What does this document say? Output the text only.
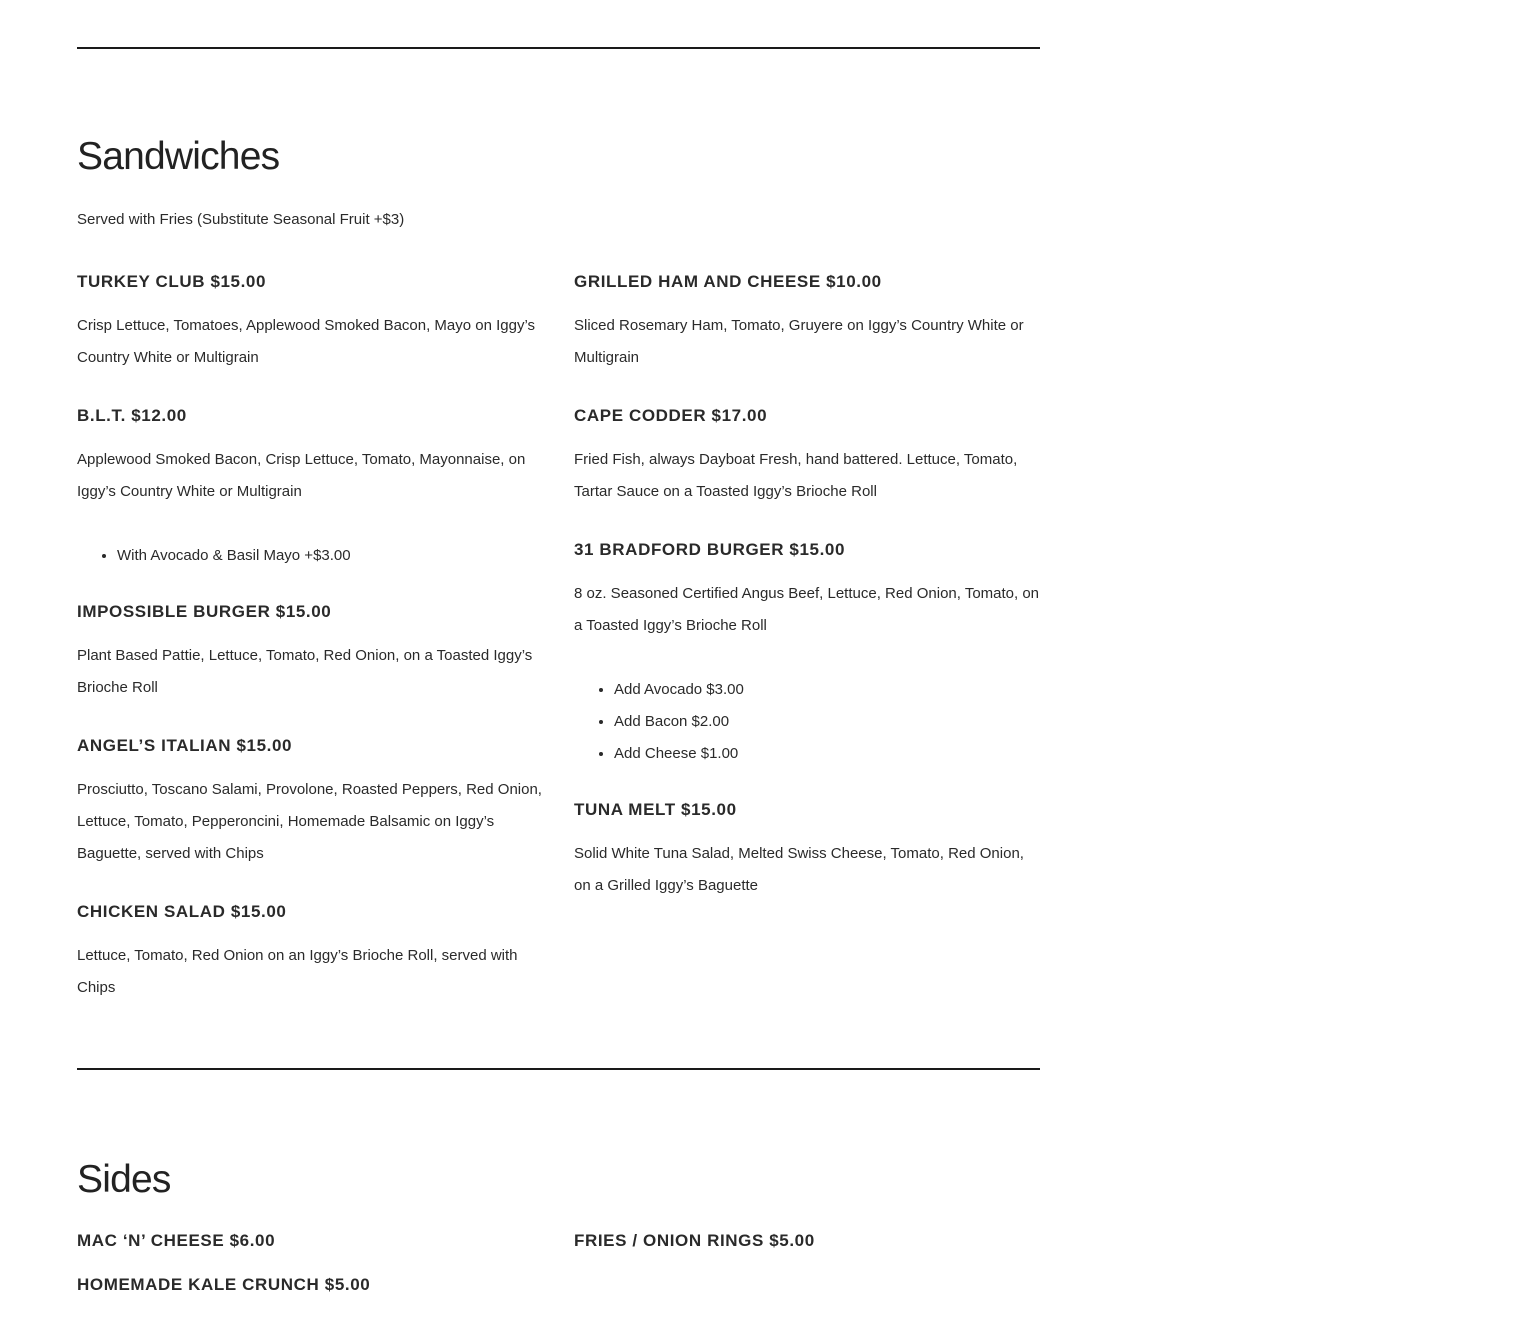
Sandwiches

Served with Fries (Substitute Seasonal Fruit +$3)

TURKEY CLUB $15.00

Crisp Lettuce, Tomatoes, Applewood Smoked Bacon, Mayo on Iggy’s Country White or Multigrain

B.L.T. $12.00

Applewood Smoked Bacon, Crisp Lettuce, Tomato, Mayonnaise, on Iggy’s Country White or Multigrain

• With Avocado & Basil Mayo +$3.00
IMPOSSIBLE BURGER $15.00

Plant Based Pattie, Lettuce, Tomato, Red Onion, on a Toasted Iggy’s Brioche Roll

ANGEL’S ITALIAN $15.00

Prosciutto, Toscano Salami, Provolone, Roasted Peppers, Red Onion, Lettuce, Tomato, Pepperoncini, Homemade Balsamic on Iggy’s Baguette, served with Chips

CHICKEN SALAD $15.00

Lettuce, Tomato, Red Onion on an Iggy’s Brioche Roll, served with Chips

GRILLED HAM AND CHEESE $10.00

Sliced Rosemary Ham, Tomato, Gruyere on Iggy’s Country White or Multigrain

CAPE CODDER $17.00

Fried Fish, always Dayboat Fresh, hand battered. Lettuce, Tomato, Tartar Sauce on a Toasted Iggy’s Brioche Roll

31 BRADFORD BURGER $15.00

8 oz. Seasoned Certified Angus Beef, Lettuce, Red Onion, Tomato, on a Toasted Iggy’s Brioche Roll

• Add Avocado $3.00
• Add Bacon $2.00
• Add Cheese $1.00
TUNA MELT $15.00

Solid White Tuna Salad, Melted Swiss Cheese, Tomato, Red Onion, on a Grilled Iggy’s Baguette

Sides
MAC ‘N’ CHEESE $6.00
HOMEMADE KALE CRUNCH $5.00
FRIES / ONION RINGS $5.00
